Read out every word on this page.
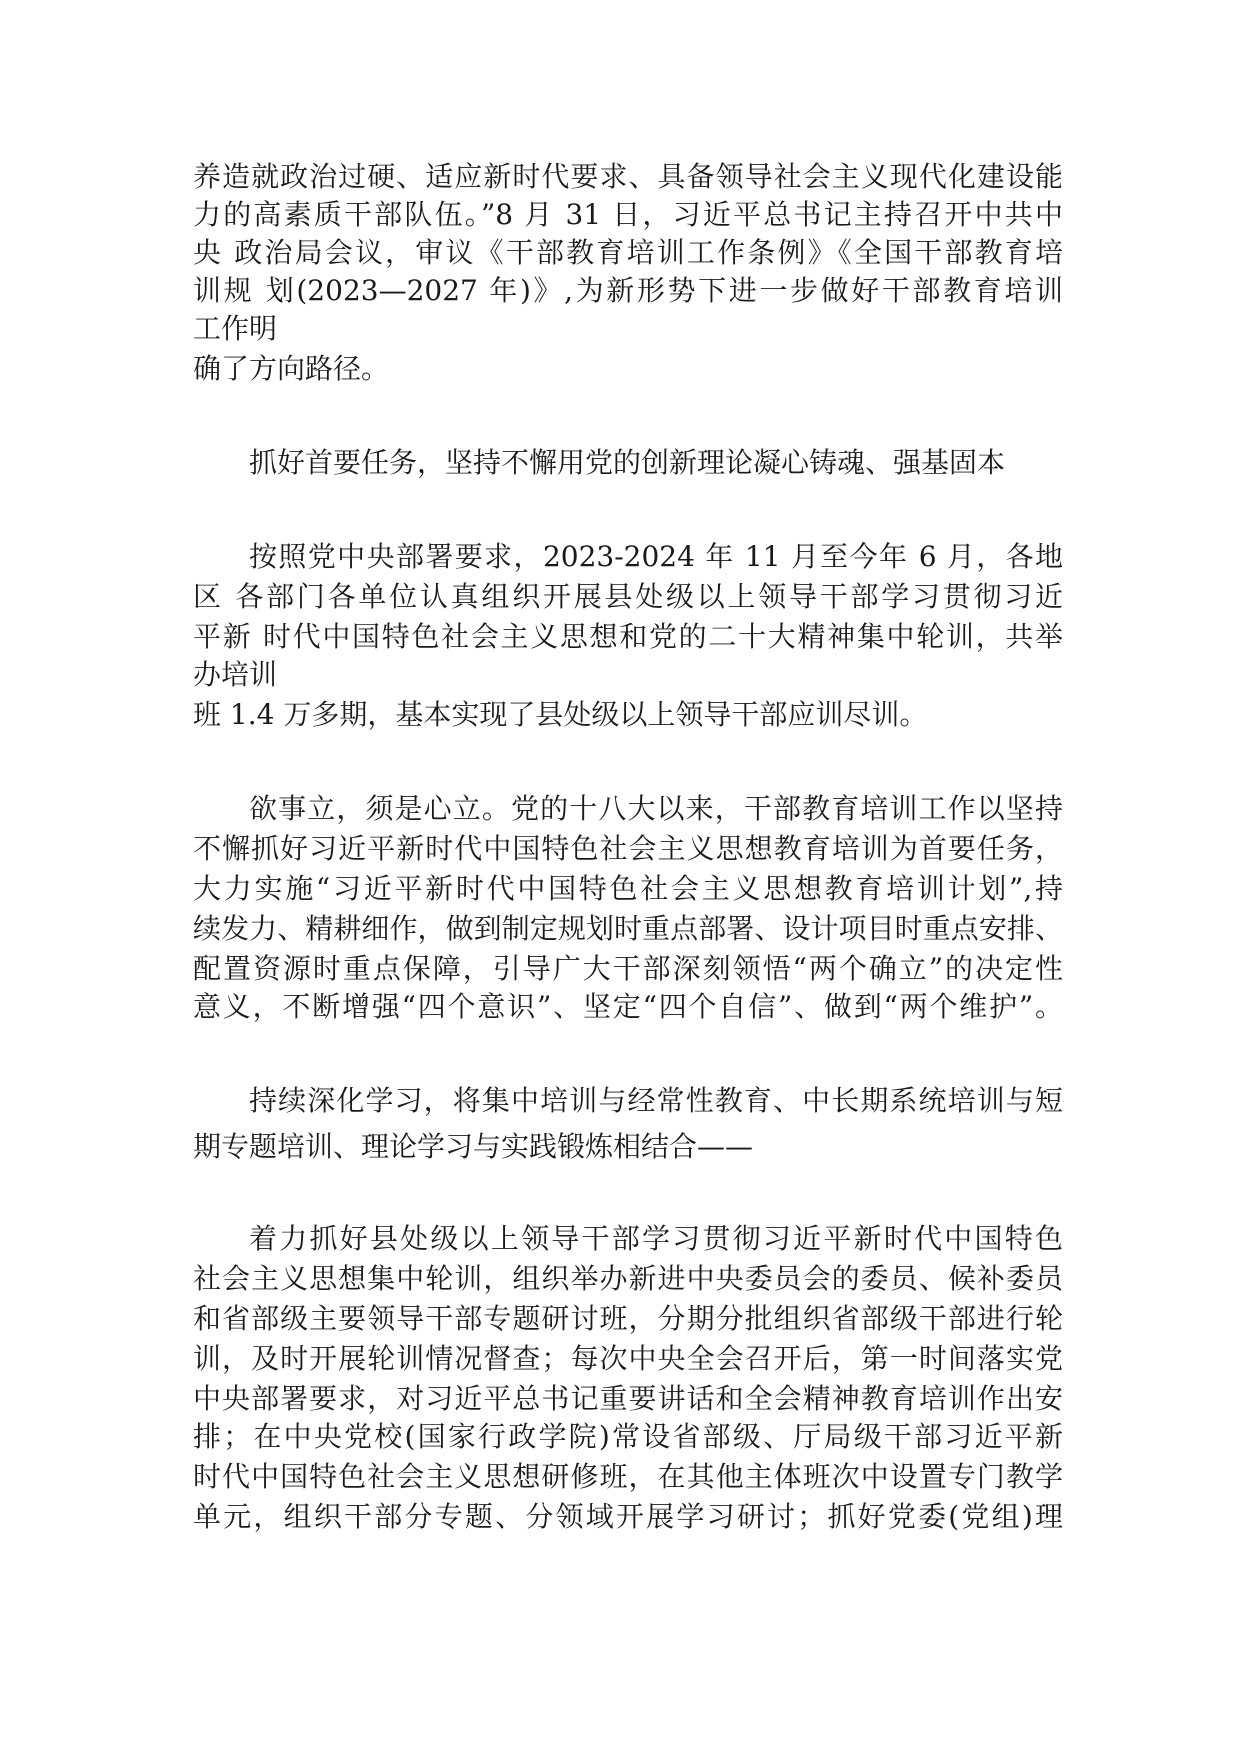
养造就政治过硬、适应新时代要求、具备领导社会主义现代化建设能
力的高素质干部队伍。”8 月 31 日，习近平总书记主持召开中共中
央 政治局会议，审议《干部教育培训工作条例》《全国干部教育培
训规 划(2023—2027 年)》,为新形势下进一步做好干部教育培训
工作明
确了方向路径。
抓好首要任务，坚持不懈用党的创新理论凝心铸魂、强基固本
按照党中央部署要求，2023-2024 年 11 月至今年 6 月，各地
区 各部门各单位认真组织开展县处级以上领导干部学习贯彻习近
平新 时代中国特色社会主义思想和党的二十大精神集中轮训，共举
办培训
班 1.4 万多期，基本实现了县处级以上领导干部应训尽训。
欲事立，须是心立。党的十八大以来，干部教育培训工作以坚持
不懈抓好习近平新时代中国特色社会主义思想教育培训为首要任务，
大力实施“习近平新时代中国特色社会主义思想教育培训计划”,持
续发力、精耕细作，做到制定规划时重点部署、设计项目时重点安排、
配置资源时重点保障，引导广大干部深刻领悟“两个确立”的决定性
意义，不断增强“四个意识”、坚定“四个自信”、做到“两个维护”。
持续深化学习，将集中培训与经常性教育、中长期系统培训与短
期专题培训、理论学习与实践锻炼相结合——
着力抓好县处级以上领导干部学习贯彻习近平新时代中国特色
社会主义思想集中轮训，组织举办新进中央委员会的委员、候补委员
和省部级主要领导干部专题研讨班，分期分批组织省部级干部进行轮
训，及时开展轮训情况督查；每次中央全会召开后，第一时间落实党
中央部署要求，对习近平总书记重要讲话和全会精神教育培训作出安
排；在中央党校(国家行政学院)常设省部级、厅局级干部习近平新
时代中国特色社会主义思想研修班，在其他主体班次中设置专门教学
单元，组织干部分专题、分领域开展学习研讨；抓好党委(党组)理
